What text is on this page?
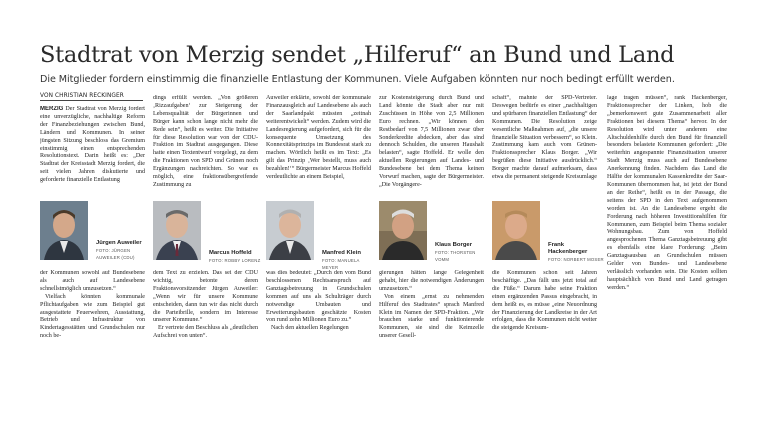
Stadtrat von Merzig sendet „Hilferuf“ an Bund und Land
Die Mitglieder fordern einstimmig die finanzielle Entlastung der Kommunen. Viele Aufgaben könnten nur noch bedingt erfüllt werden.
VON CHRISTIAN RECKINGER

MERZIG Der Stadtrat von Merzig fordert eine unverzügliche, nachhaltige Reform der Finanzbeziehungen zwischen Bund, Ländern und Kommunen. In seiner jüngsten Sitzung beschloss das Gremium einstimmig einen entsprechenden Resolutionstext. Darin heißt es: „Der Stadtrat der Kreisstadt Merzig fordert, die seit vielen Jahren diskutierte und geforderte finanzielle Entlastung

dings erfüllt werden. „Von größeren ‚Rizzaufgaben‘ zur Steigerung der Lebensqualität der Bürgerinnen und Bürger kann schon lange nicht mehr die Rede sein“, heißt es weiter. Die Initiative für diese Resolution war von der CDU-Fraktion im Stadtrat ausgegangen. Diese hatte einen Textentwurf vorgelegt, zu dem die Fraktionen von SPD und Grünen noch Ergänzungen nachreichten. So war es möglich, eine fraktionsübergreifende Zustimmung zu

Auweiler erklärte, sowohl der kommunale Finanzausgleich auf Landesebene als auch der Saarlandpakt müssten „zeitnah weiterentwickelt“ werden. Zudem wird die Landesregierung aufgefordert, sich für die konsequente Umsetzung des Konnexitätsprinzips im Bundesrat stark zu machen. Wörtlich heißt es im Text: „Es gilt das Prinzip ‚Wer bestellt, muss auch bezahlen!‘“ Bürgermeister Marcus Hoffeld verdeutlichte an einem Beispiel,

zur Kostensteigerung durch Bund und Land könnte die Stadt aber nur mit Zuschüssen in Höhe von 2,5 Millionen Euro rechnen. „Wir können den Restbedarf von 7,5 Millionen zwar über Sonderkredite abdecken, aber das sind dennoch Schulden, die unseren Haushalt belasten“, sagte Hoffeld. Er wolle den aktuellen Regierungen auf Landes- und Bundesebene bei dem Thema keinen Vorwurf machen, sagte der Bürgermeister. „Die Vorgängere-

schaft“, mahnte der SPD-Vertreter. Deswegen bedürfe es einer „nachhaltigen und spürbaren finanziellen Entlastung“ der Kommunen. Die Resolution zeige wesentliche Maßnahmen auf, „die unsere finanzielle Situation verbessern“, so Klein. Zustimmung kam auch vom Grünen-Fraktionssprecher Klaus Borger. „Wir begrüßen diese Initiative ausdrücklich.“ Borger machte darauf aufmerksam, dass etwa die permanent steigende Kreisumlage

lage tragen müssen“, rank Hackenberger, Fraktionssprecher der Linken, hob die „bemerkenswert gute Zusammenarbeit aller Fraktionen bei diesem Thema“ hervor. In der Resolution wird unter anderem eine Altschuldenhilfe durch den Bund für finanziell besonders belastete Kommunen gefordert: „Die weiterhin angespannte Finanzsituation unserer Stadt Merzig muss auch auf Bundesebene Anerkennung finden. Nachdem das Land die Hälfte der kommunalen Kassenkredite der Saar-Kommunen übernommen hat, ist jetzt der Bund an der Reihe“, heißt es in der Passage, die seitens der SPD in den Text aufgenommen worden ist. An die Landesebene ergeht die Forderung nach höheren Investitionshilfen für Kommunen, zum Beispiel beim Thema sozialer Wohnungsbau. Zum von Hoffeld angesprochenen Thema Ganztagsbetreuung gibt es ebenfalls eine klare Forderung: „Beim Ganztagsausbau an Grundschulen müssen Gelder von Bundes- und Landesebene verlässlich vorhanden sein. Die Kosten sollten hauptsächlich von Bund und Land getragen werden.“

Jürgen Auweiler
FOTO: JÜRGEN AUWEILER (CDU)
Marcus Hoffeld
FOTO: ROBBY LORENZ
Manfred Klein
FOTO: MANUELA MEYER
Klaus Borger
FOTO: THORSTEN VOMM
Frank Hackenberger
FOTO: NORBERT MOSER

der Kommunen sowohl auf Bundesebene als auch auf Landesebene schnellstmöglich umzusetzen.“

Vielfach könnten kommunale Pflichtaufgaben wie zum Beispiel gut ausgestattete Feuerwehren, Ausstattung, Betrieb und Infrastruktur von Kindertagesstätten und Grundschulen nur noch be-

dem Text zu erzielen. Das sei der CDU wichtig, betonte deren Fraktionsvorsitzender Jürgen Auweiler: „Wenn wir für unsere Kommune entscheiden, dann tun wir das nicht durch die Parteibrille, sondern im Interesse unserer Kommune.“

Er vertrete den Beschluss als „deutlichen Aufschrei von unten“.

was dies bedeutet: „Durch den vom Bund beschlossenen Rechtsanspruch auf Ganztagsbetreuung in Grundschulen kommen auf uns als Schulträger durch notwendige Umbauten und Erweiterungsbauten geschätzte Kosten von rund zehn Millionen Euro zu.“

Nach den aktuellen Regelungen

gierungen hätten lange Gelegenheit gehabt, hier die notwendigen Änderungen umzusetzen.“

Von einem „ernst zu nehmenden Hilferuf des Stadtrates“ sprach Manfred Klein im Namen der SPD-Fraktion. „Wir brauchen starke und funktionierende Kommunen, sie sind die Keimzelle unserer Gesell-

die Kommunen schon seit Jahren beschäftige. „Das fällt uns jetzt total auf die Füße.“ Darum habe seine Fraktion einen ergänzenden Passus eingebracht, in dem heißt es, es müsse „eine Neuordnung der Finanzierung der Landkreise in der Art erfolgen, dass die Kommunen nicht weiter die steigende Kreisum-
